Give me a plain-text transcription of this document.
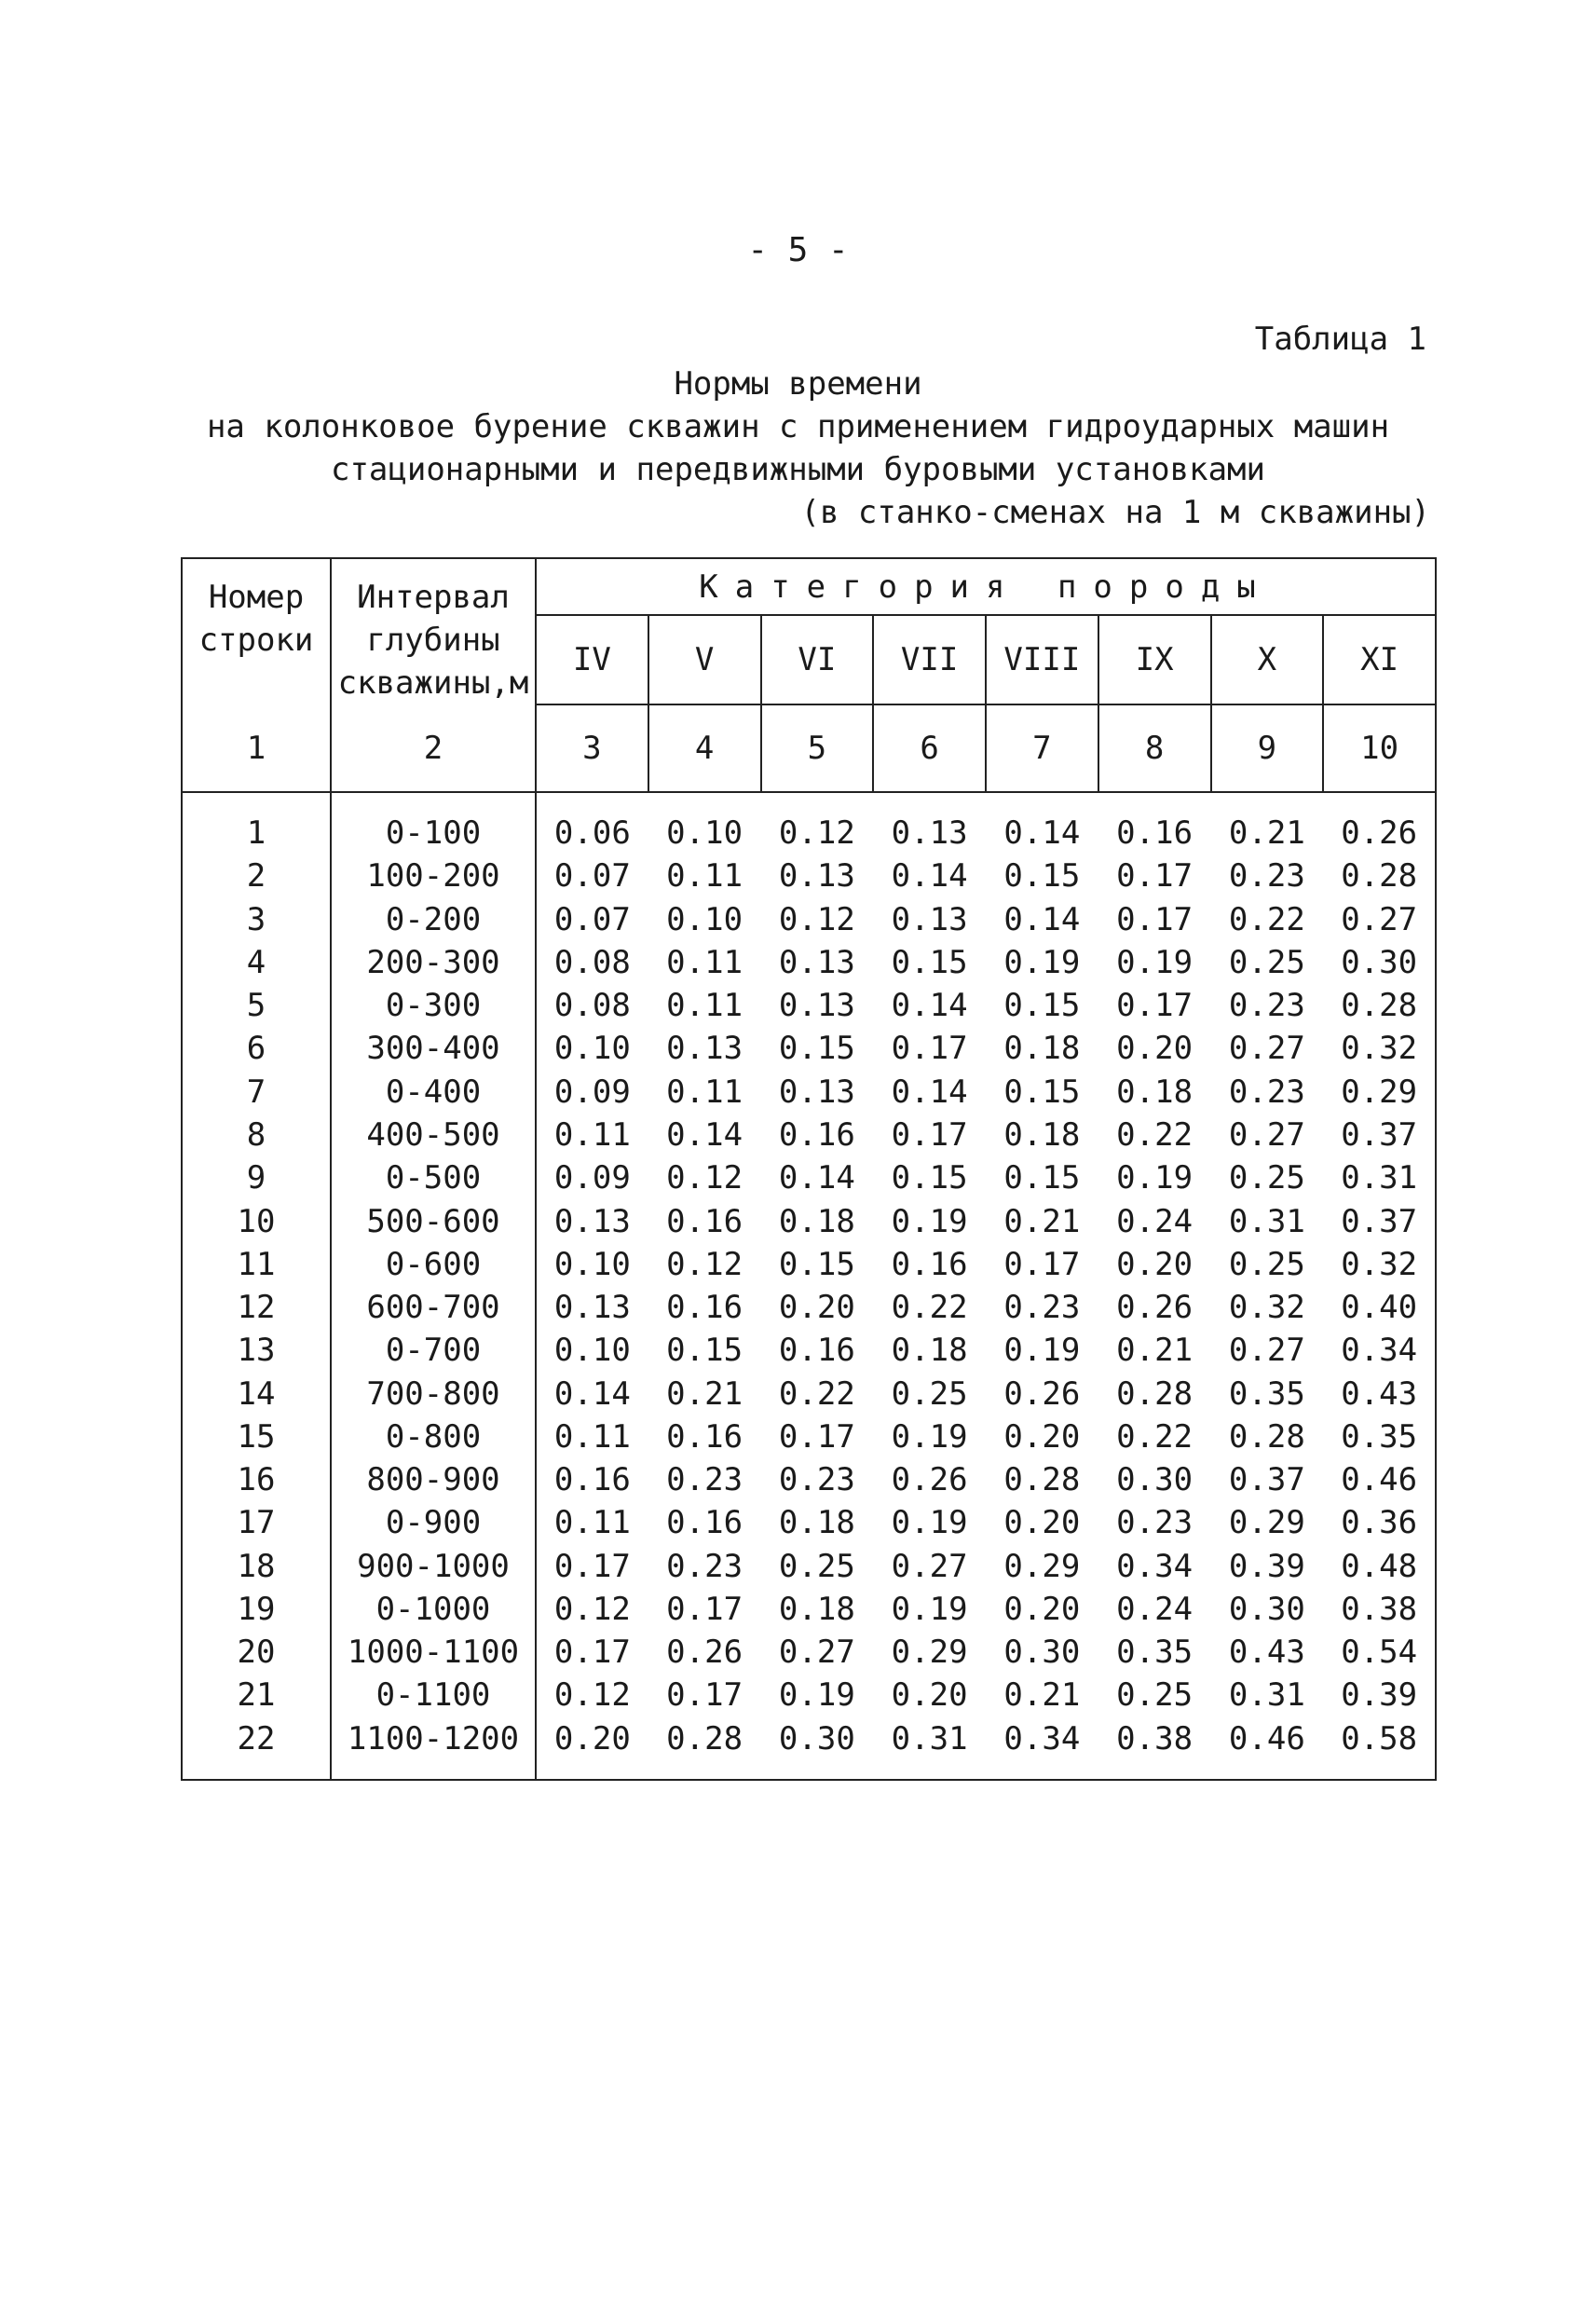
- 5 -
Таблица 1
Нормы времени
на колонковое бурение скважин с применением гидроударных машин
стационарными и передвижными буровыми установками
(в станко-сменах на 1 м скважины)
Номер строки	Интервал глубины скважины,м	Категория породы							

		IV	V	VI	VII	VIII	IX	X	XI
1	2	3	4	5	6	7	8	9	10
1	0-100	0.06	0.10	0.12	0.13	0.14	0.16	0.21	0.26
2	100-200	0.07	0.11	0.13	0.14	0.15	0.17	0.23	0.28
3	0-200	0.07	0.10	0.12	0.13	0.14	0.17	0.22	0.27
4	200-300	0.08	0.11	0.13	0.15	0.19	0.19	0.25	0.30
5	0-300	0.08	0.11	0.13	0.14	0.15	0.17	0.23	0.28
6	300-400	0.10	0.13	0.15	0.17	0.18	0.20	0.27	0.32
7	0-400	0.09	0.11	0.13	0.14	0.15	0.18	0.23	0.29
8	400-500	0.11	0.14	0.16	0.17	0.18	0.22	0.27	0.37
9	0-500	0.09	0.12	0.14	0.15	0.15	0.19	0.25	0.31
10	500-600	0.13	0.16	0.18	0.19	0.21	0.24	0.31	0.37
11	0-600	0.10	0.12	0.15	0.16	0.17	0.20	0.25	0.32
12	600-700	0.13	0.16	0.20	0.22	0.23	0.26	0.32	0.40
13	0-700	0.10	0.15	0.16	0.18	0.19	0.21	0.27	0.34
14	700-800	0.14	0.21	0.22	0.25	0.26	0.28	0.35	0.43
15	0-800	0.11	0.16	0.17	0.19	0.20	0.22	0.28	0.35
16	800-900	0.16	0.23	0.23	0.26	0.28	0.30	0.37	0.46
17	0-900	0.11	0.16	0.18	0.19	0.20	0.23	0.29	0.36
18	900-1000	0.17	0.23	0.25	0.27	0.29	0.34	0.39	0.48
19	0-1000	0.12	0.17	0.18	0.19	0.20	0.24	0.30	0.38
20	1000-1100	0.17	0.26	0.27	0.29	0.30	0.35	0.43	0.54
21	0-1100	0.12	0.17	0.19	0.20	0.21	0.25	0.31	0.39
22	1100-1200	0.20	0.28	0.30	0.31	0.34	0.38	0.46	0.58
